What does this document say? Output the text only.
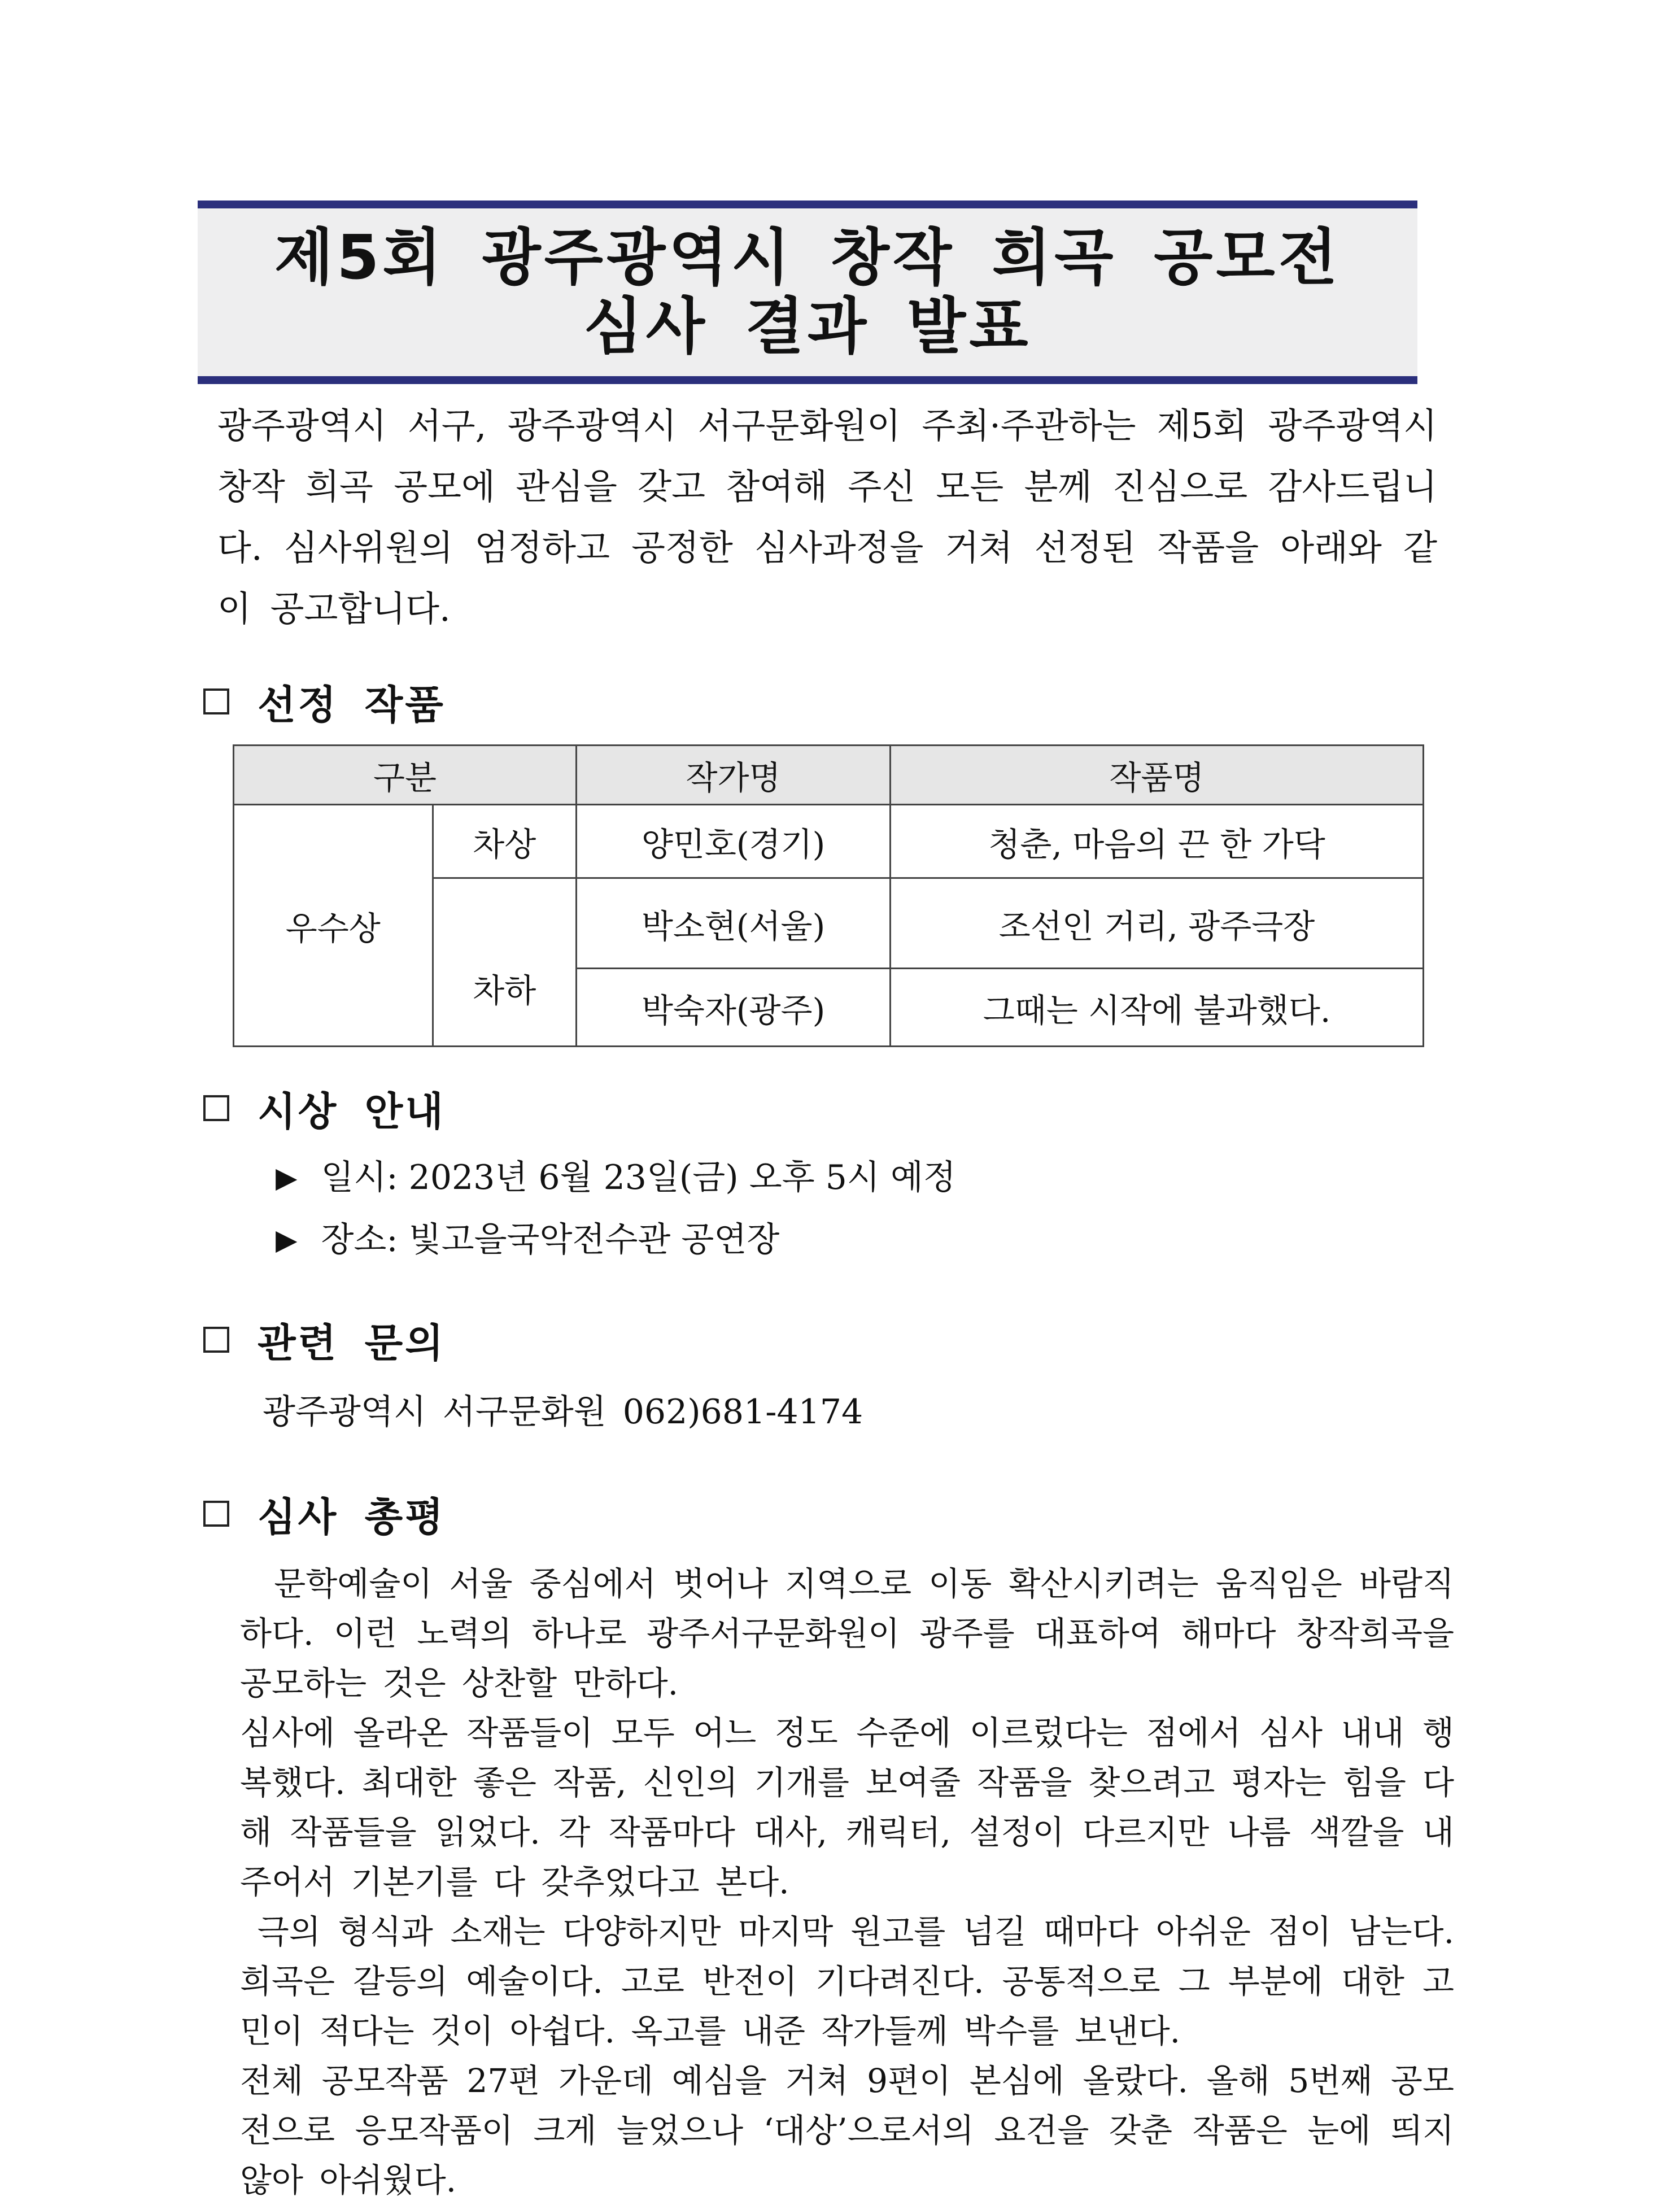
제5회 광주광역시 창작 희곡 공모전
심사 결과 발표
광주광역시 서구, 광주광역시 서구문화원이 주최·주관하는 제5회 광주광역시 창작 희곡 공모에 관심을 갖고 참여해 주신 모든 분께 진심으로 감사드립니다. 심사위원의 엄정하고 공정한 심사과정을 거쳐 선정된 작품을 아래와 같이 공고합니다.
선정 작품
구분		작가명	작품명
우수상	차상	양민호(경기)	청춘, 마음의 끈 한 가닥
	차하	박소현(서울)	조선인 거리, 광주극장
		박숙자(광주)	그때는 시작에 불과했다.
시상 안내
▶ 일시: 2023년 6월 23일(금) 오후 5시 예정
▶ 장소: 빛고을국악전수관 공연장
관련 문의
광주광역시 서구문화원 062)681-4174
심사 총평

문학예술이 서울 중심에서 벗어나 지역으로 이동 확산시키려는 움직임은 바람직하다. 이런 노력의 하나로 광주서구문화원이 광주를 대표하여 해마다 창작희곡을 공모하는 것은 상찬할 만하다.

심사에 올라온 작품들이 모두 어느 정도 수준에 이르렀다는 점에서 심사 내내 행복했다. 최대한 좋은 작품, 신인의 기개를 보여줄 작품을 찾으려고 평자는 힘을 다해 작품들을 읽었다. 각 작품마다 대사, 캐릭터, 설정이 다르지만 나름 색깔을 내주어서 기본기를 다 갖추었다고 본다.

극의 형식과 소재는 다양하지만 마지막 원고를 넘길 때마다 아쉬운 점이 남는다. 희곡은 갈등의 예술이다. 고로 반전이 기다려진다. 공통적으로 그 부분에 대한 고민이 적다는 것이 아쉽다. 옥고를 내준 작가들께 박수를 보낸다.

전체 공모작품 27편 가운데 예심을 거쳐 9편이 본심에 올랐다. 올해 5번째 공모전으로 응모작품이 크게 늘었으나 ‘대상’으로서의 요건을 갖춘 작품은 눈에 띄지 않아 아쉬웠다.
